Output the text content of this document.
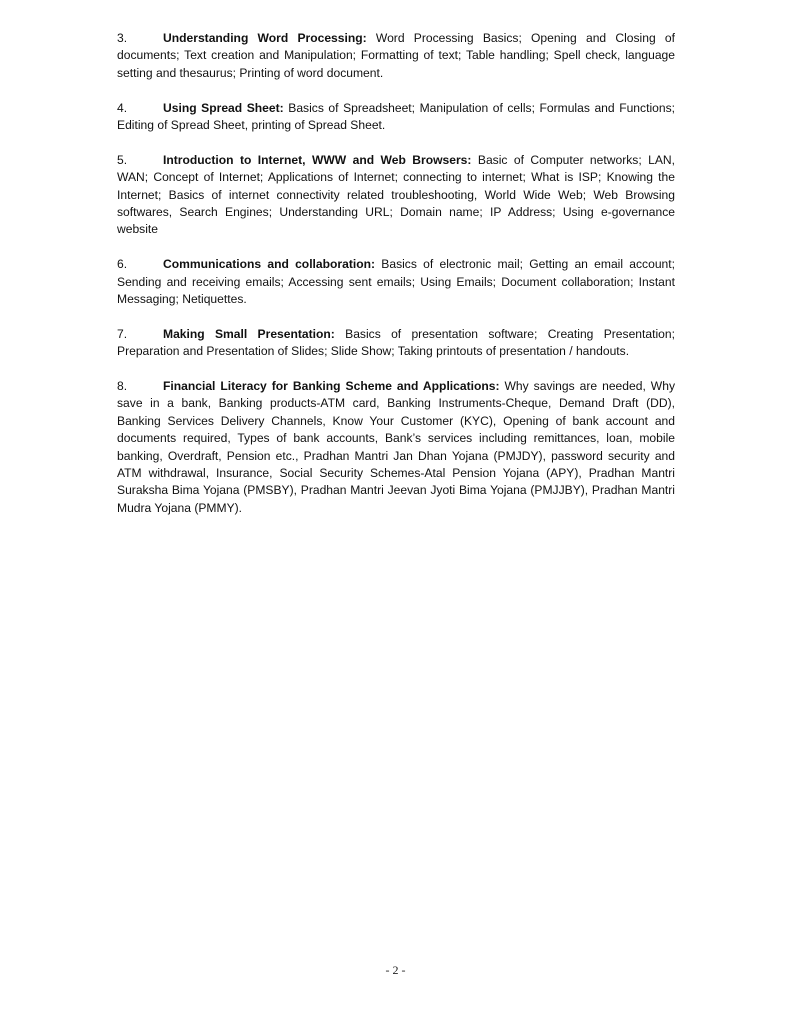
3.	Understanding Word Processing: Word Processing Basics; Opening and Closing of documents; Text creation and Manipulation; Formatting of text; Table handling; Spell check, language setting and thesaurus; Printing of word document.

4.	Using Spread Sheet: Basics of Spreadsheet; Manipulation of cells; Formulas and Functions; Editing of Spread Sheet, printing of Spread Sheet.

5.	Introduction to Internet, WWW and Web Browsers: Basic of Computer networks; LAN, WAN; Concept of Internet; Applications of Internet; connecting to internet; What is ISP; Knowing the Internet; Basics of internet connectivity related troubleshooting, World Wide Web; Web Browsing softwares, Search Engines; Understanding URL; Domain name; IP Address; Using e-governance website

6.	Communications and collaboration: Basics of electronic mail; Getting an email account; Sending and receiving emails; Accessing sent emails; Using Emails; Document collaboration; Instant Messaging; Netiquettes.

7.	Making Small Presentation: Basics of presentation software; Creating Presentation; Preparation and Presentation of Slides; Slide Show; Taking printouts of presentation / handouts.

8.	Financial Literacy for Banking Scheme and Applications: Why savings are needed, Why save in a bank, Banking products-ATM card, Banking Instruments-Cheque, Demand Draft (DD), Banking Services Delivery Channels, Know Your Customer (KYC), Opening of bank account and documents required, Types of bank accounts, Bank’s services including remittances, loan, mobile banking, Overdraft, Pension etc., Pradhan Mantri Jan Dhan Yojana (PMJDY), password security and ATM withdrawal, Insurance, Social Security Schemes-Atal Pension Yojana (APY), Pradhan Mantri Suraksha Bima Yojana (PMSBY), Pradhan Mantri Jeevan Jyoti Bima Yojana (PMJJBY), Pradhan Mantri Mudra Yojana (PMMY).

- 2 -
